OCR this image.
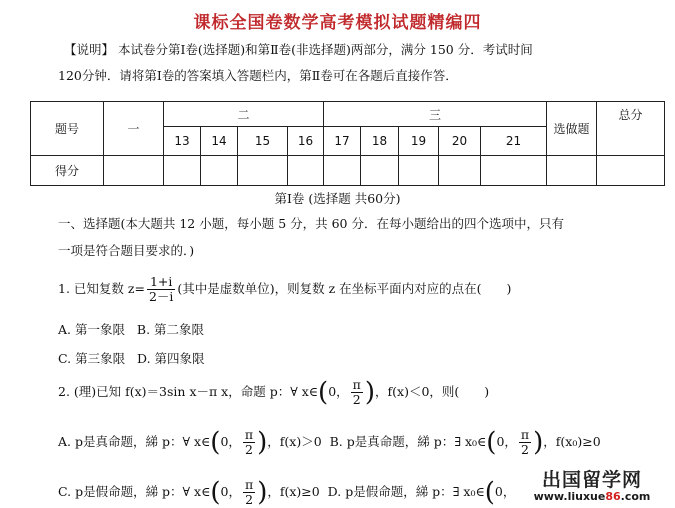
课标全国卷数学高考模拟试题精编四
【说明】 本试卷分第Ⅰ卷(选择题)和第Ⅱ卷(非选择题)两部分，满分 150 分．考试时间
120分钟．请将第Ⅰ卷的答案填入答题栏内，第Ⅱ卷可在各题后直接作答．
题号	一	二				三					选做题	总分
		13	14	15	16	17	18	19	20	21		
得分												
第Ⅰ卷 (选择题 共60分)
一、选择题(本大题共 12 小题，每小题 5 分，共 60 分．在每小题给出的四个选项中，只有
一项是符合题目要求的．)
1. 已知复数 $z= \frac{1+i}{2-i}$ (其中是虚数单位)，则复数 z 在坐标平面内对应的点在(　　)
A. 第一象限 B. 第二象限
C. 第三象限 D. 第四象限
2. (理)已知 f(x)＝3sin x－π x，命题 p：∀ x∈(0， $\frac{\pi}{2}$ )，f(x)＜0，则(　　)
A. p是真命题，綈 p：∀ x∈(0， $\frac{\pi}{2}$ )，f(x)＞0 B. p是真命题，綈 p：∃ x₀∈(0， $\frac{\pi}{2}$ )，f(x₀)≥0
C. p是假命题，綈 p：∀ x∈(0， $\frac{\pi}{2}$ )，f(x)≥0 D. p是假命题，綈 p：∃ x₀∈(0，
出国留学网
www.liuxue86.com
